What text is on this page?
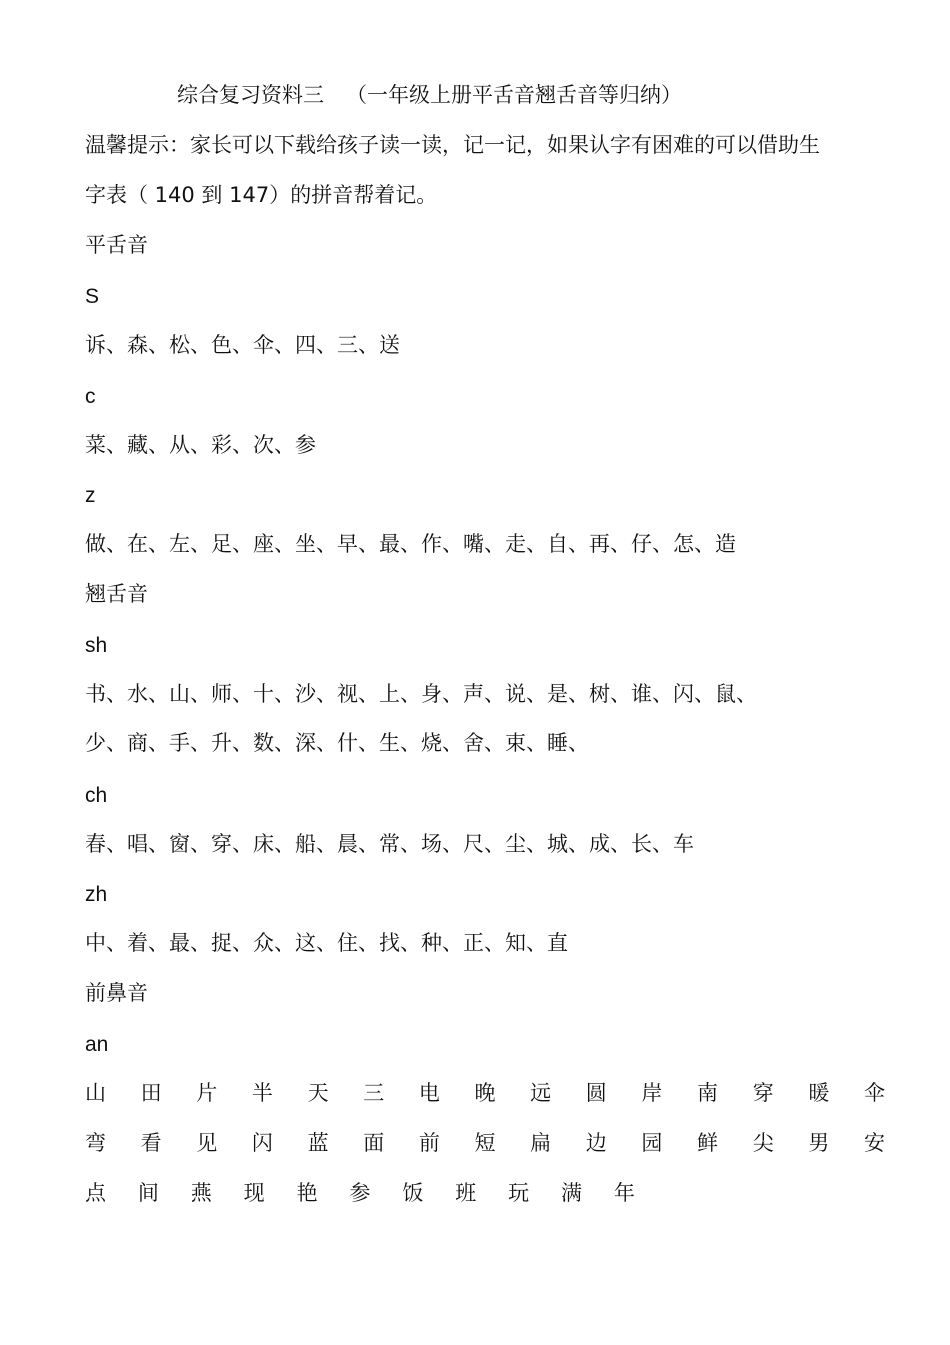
综合复习资料三 （一年级上册平舌音翘舌音等归纳）
温馨提示：家长可以下载给孩子读一读，记一记，如果认字有困难的可以借助生
字表（ 140 到 147）的拼音帮着记。
平舌音
S
诉、森、松、色、伞、四、三、送
c
菜、藏、从、彩、次、参
z
做、在、左、足、座、坐、早、最、作、嘴、走、自、再、仔、怎、造
翘舌音
sh
书、水、山、师、十、沙、视、上、身、声、说、是、树、谁、闪、鼠、
少、商、手、升、数、深、什、生、烧、舍、束、睡、
ch
春、唱、窗、穿、床、船、晨、常、场、尺、尘、城、成、长、车
zh
中、着、最、捉、众、这、住、找、种、正、知、直
前鼻音
an
山 田 片 半 天 三 电 晚 远 圆 岸 南 穿 暖 伞
弯 看 见 闪 蓝 面 前 短 扁 边 园 鲜 尖 男 安
点 间 燕 现 艳 参 饭 班 玩 满 年
